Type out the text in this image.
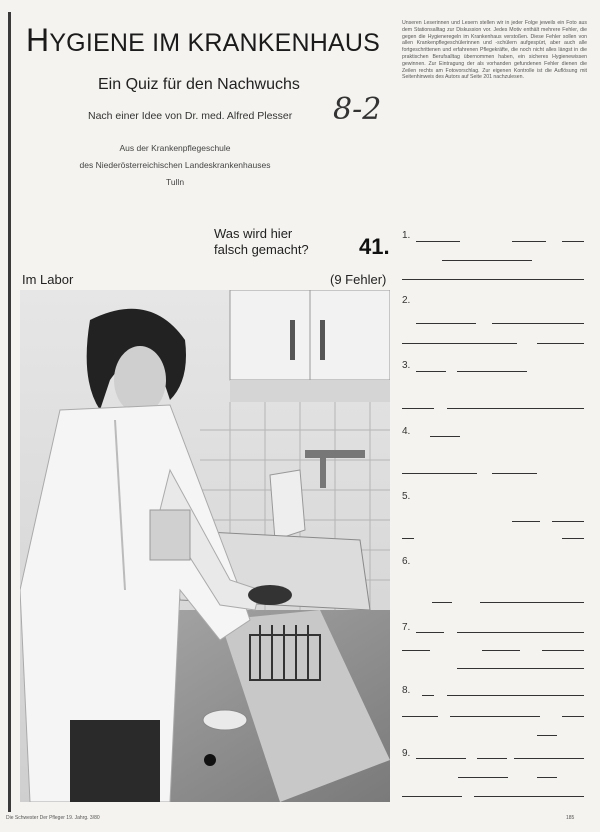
HYGIENE IM KRANKENHAUS
Ein Quiz für den Nachwuchs
Nach einer Idee von Dr. med. Alfred Plesser 8-2
Aus der Krankenpflegeschule
des Niederösterreichischen Landeskrankenhauses
Tulln
Unseren Leserinnen und Lesern stellen wir in jeder Folge jeweils ein Foto aus dem Stationsalltag zur Diskussion vor. Jedes Motiv enthält mehrere Fehler, die gegen die Hygieneregeln im Krankenhaus verstoßen. Diese Fehler sollen von allen Krankenpflegeschülerinnen und -schülern aufgespürt, aber auch alle fortgeschrittenen und erfahrenen Pflegekräfte, die noch nicht alles längst in die praktischen Berufsalltag übernommen haben, ein sicheres Hygienewissen gewinnen. Zur Eintragung der als vorhanden gefundenen Fehler dienen die Zeilen rechts am Fotovorschlag. Zur eigenen Kontrolle ist die Auflösung mit Seitenhinweis des Autors auf Seite 201 nachzulesen.
Was wird hier
falsch gemacht? 41.
Im Labor	(9 Fehler)
1.
2.
3.
4.
5.
6.
7.
8.
9.
Die Schwester Der Pfleger 19. Jahrg. 3/80	185
